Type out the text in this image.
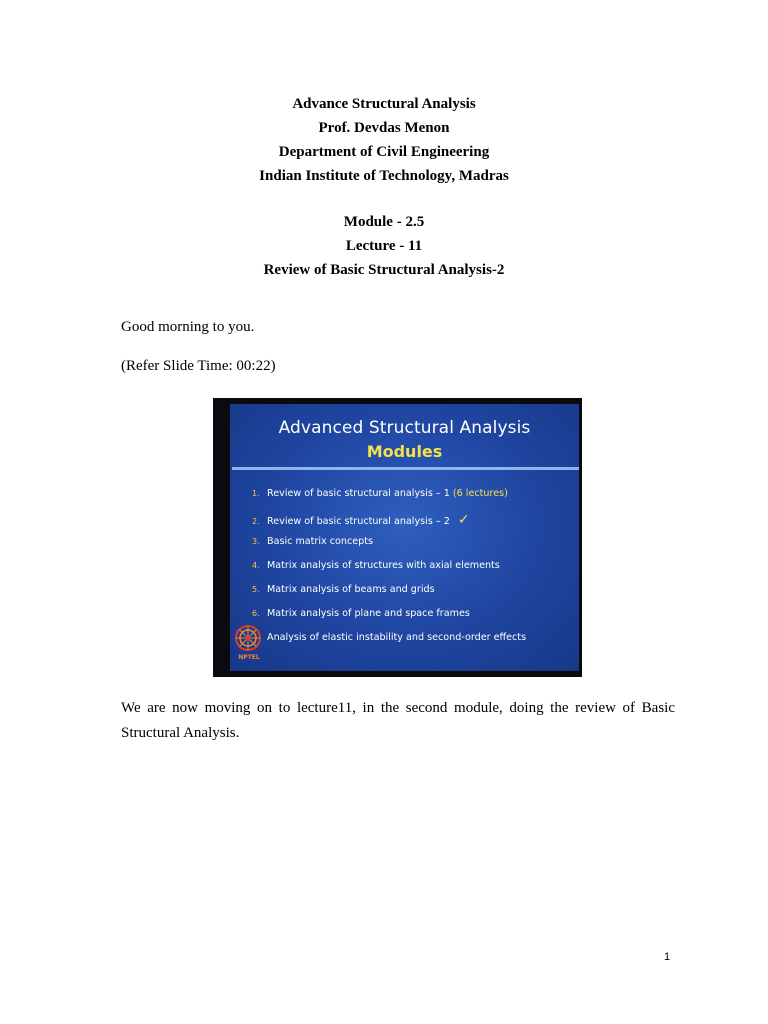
Advance Structural Analysis
Prof. Devdas Menon
Department of Civil Engineering
Indian Institute of Technology, Madras
Module - 2.5
Lecture - 11
Review of Basic Structural Analysis-2
Good morning to you.
(Refer Slide Time: 00:22)
Advanced Structural Analysis
Modules
1. Review of basic structural analysis – 1 (6 lectures)
2. Review of basic structural analysis – 2 ✓
3. Basic matrix concepts
4. Matrix analysis of structures with axial elements
5. Matrix analysis of beams and grids
6. Matrix analysis of plane and space frames
Analysis of elastic instability and second-order effects
NPTEL
We are now moving on to lecture11, in the second module, doing the review of Basic Structural Analysis.
1
